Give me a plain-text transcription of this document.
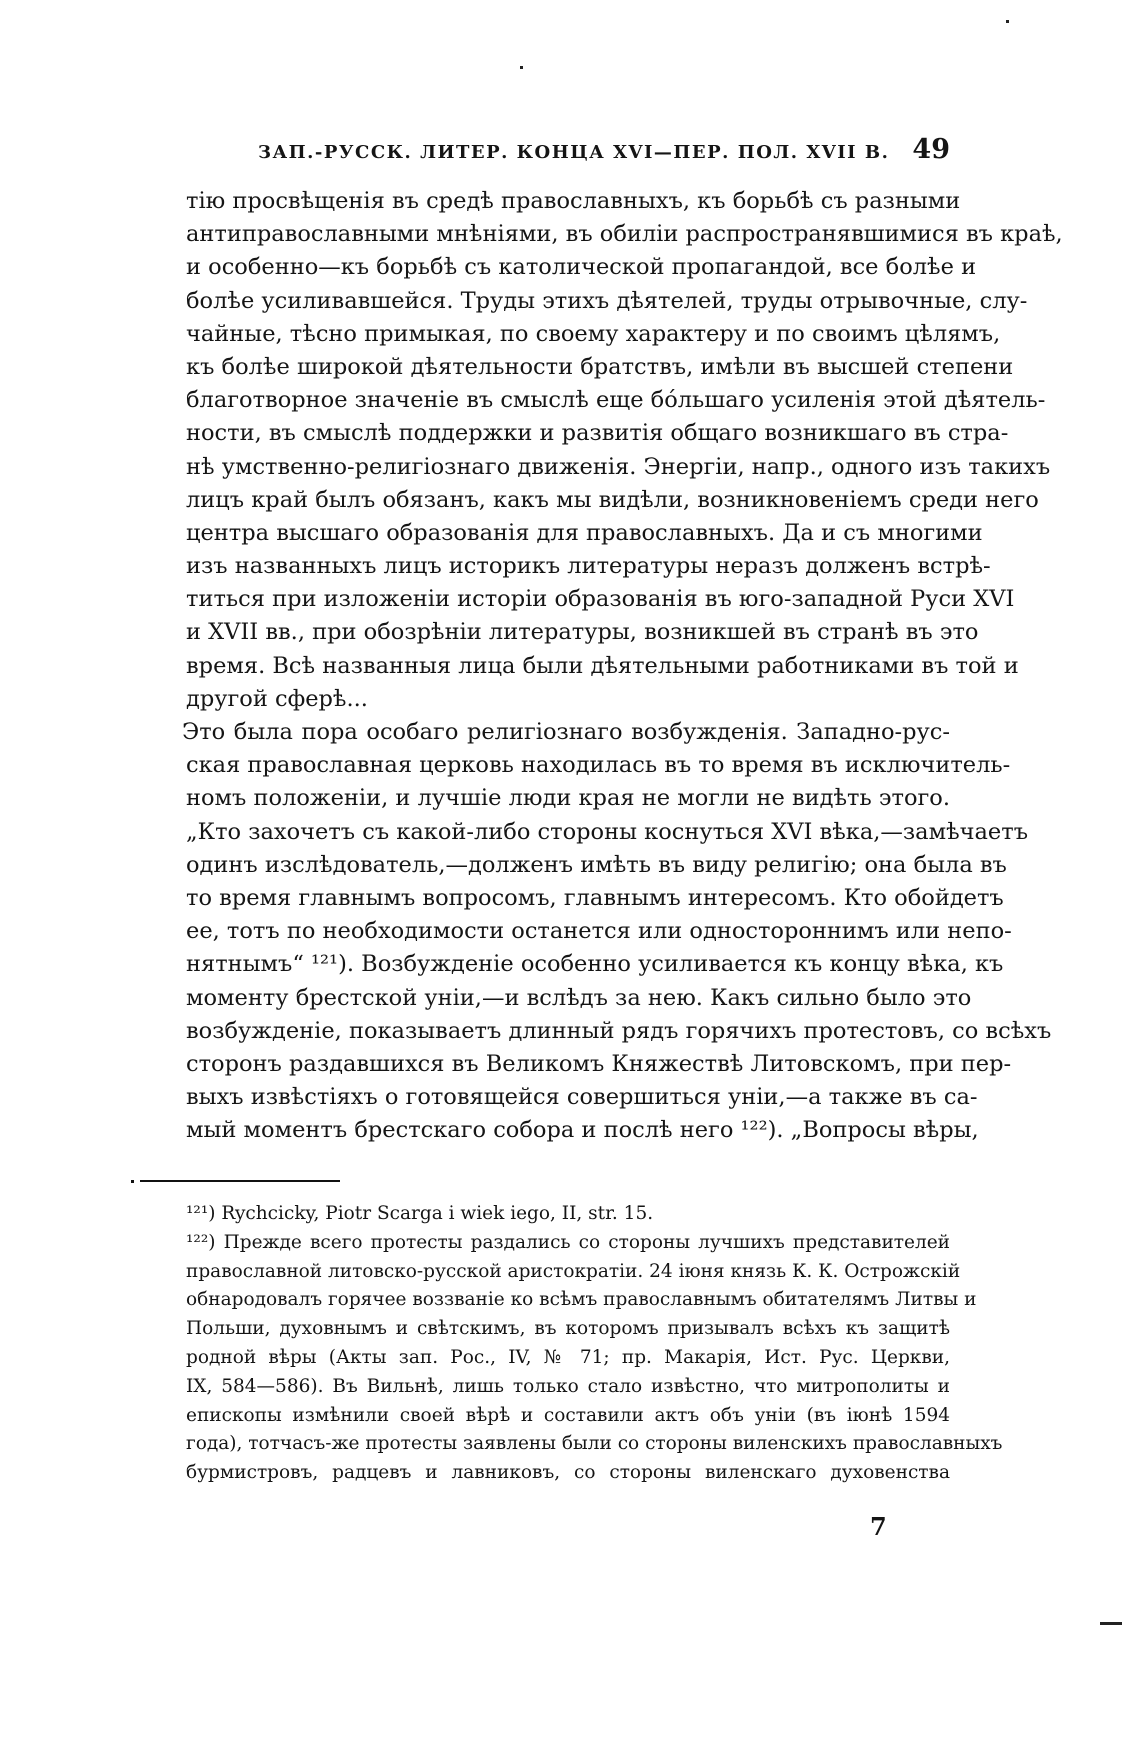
ЗАП.-РУССК. ЛИТЕР. КОНЦА XVI—ПЕР. ПОЛ. XVII В. 49
тію просвѣщенія въ средѣ православныхъ, къ борьбѣ съ разными
антиправославными мнѣніями, въ обиліи распространявшимися въ краѣ,
и особенно—къ борьбѣ съ католической пропагандой, все болѣе и
болѣе усиливавшейся. Труды этихъ дѣятелей, труды отрывочные, слу-
чайные, тѣсно примыкая, по своему характеру и по своимъ цѣлямъ,
къ болѣе широкой дѣятельности братствъ, имѣли въ высшей степени
благотворное значеніе въ смыслѣ еще бóльшаго усиленія этой дѣятель-
ности, въ смыслѣ поддержки и развитія общаго возникшаго въ стра-
нѣ умственно-религіознаго движенія. Энергіи, напр., одного изъ такихъ
лицъ край былъ обязанъ, какъ мы видѣли, возникновеніемъ среди него
центра высшаго образованія для православныхъ. Да и съ многими
изъ названныхъ лицъ историкъ литературы неразъ долженъ встрѣ-
титься при изложеніи исторіи образованія въ юго-западной Руси XVI
и XVII вв., при обозрѣніи литературы, возникшей въ странѣ въ это
время. Всѣ названныя лица были дѣятельными работниками въ той и
другой сферѣ...
Это была пора особаго религіознаго возбужденія. Западно-рус-
ская православная церковь находилась въ то время въ исключитель-
номъ положеніи, и лучшіе люди края не могли не видѣть этого.
„Кто захочетъ съ какой-либо стороны коснуться XVI вѣка,—замѣчаетъ
одинъ изслѣдователь,—долженъ имѣть въ виду религію; она была въ
то время главнымъ вопросомъ, главнымъ интересомъ. Кто обойдетъ
ее, тотъ по необходимости останется или одностороннимъ или непо-
нятнымъ“ ¹²¹). Возбужденіе особенно усиливается къ концу вѣка, къ
моменту брестской уніи,—и вслѣдъ за нею. Какъ сильно было это
возбужденіе, показываетъ длинный рядъ горячихъ протестовъ, со всѣхъ
сторонъ раздавшихся въ Великомъ Княжествѣ Литовскомъ, при пер-
выхъ извѣстіяхъ о готовящейся совершиться уніи,—а также въ са-
мый моментъ брестскаго собора и послѣ него ¹²²). „Вопросы вѣры,
¹²¹) Rychcicky, Piotr Scarga i wiek iego, II, str. 15.
¹²²) Прежде всего протесты раздались со стороны лучшихъ представителей
православной литовско-русской аристократіи. 24 іюня князь К. К. Острожскій
обнародовалъ горячее воззваніе ко всѣмъ православнымъ обитателямъ Литвы и
Польши, духовнымъ и свѣтскимъ, въ которомъ призывалъ всѣхъ къ защитѣ
родной вѣры (Акты зап. Рос., IV, № 71; пр. Макарія, Ист. Рус. Церкви,
IX, 584—586). Въ Вильнѣ, лишь только стало извѣстно, что митрополиты и
епископы измѣнили своей вѣрѣ и составили актъ объ уніи (въ іюнѣ 1594
года), тотчасъ-же протесты заявлены были со стороны виленскихъ православныхъ
бурмистровъ, радцевъ и лавниковъ, со стороны виленскаго духовенства
7
